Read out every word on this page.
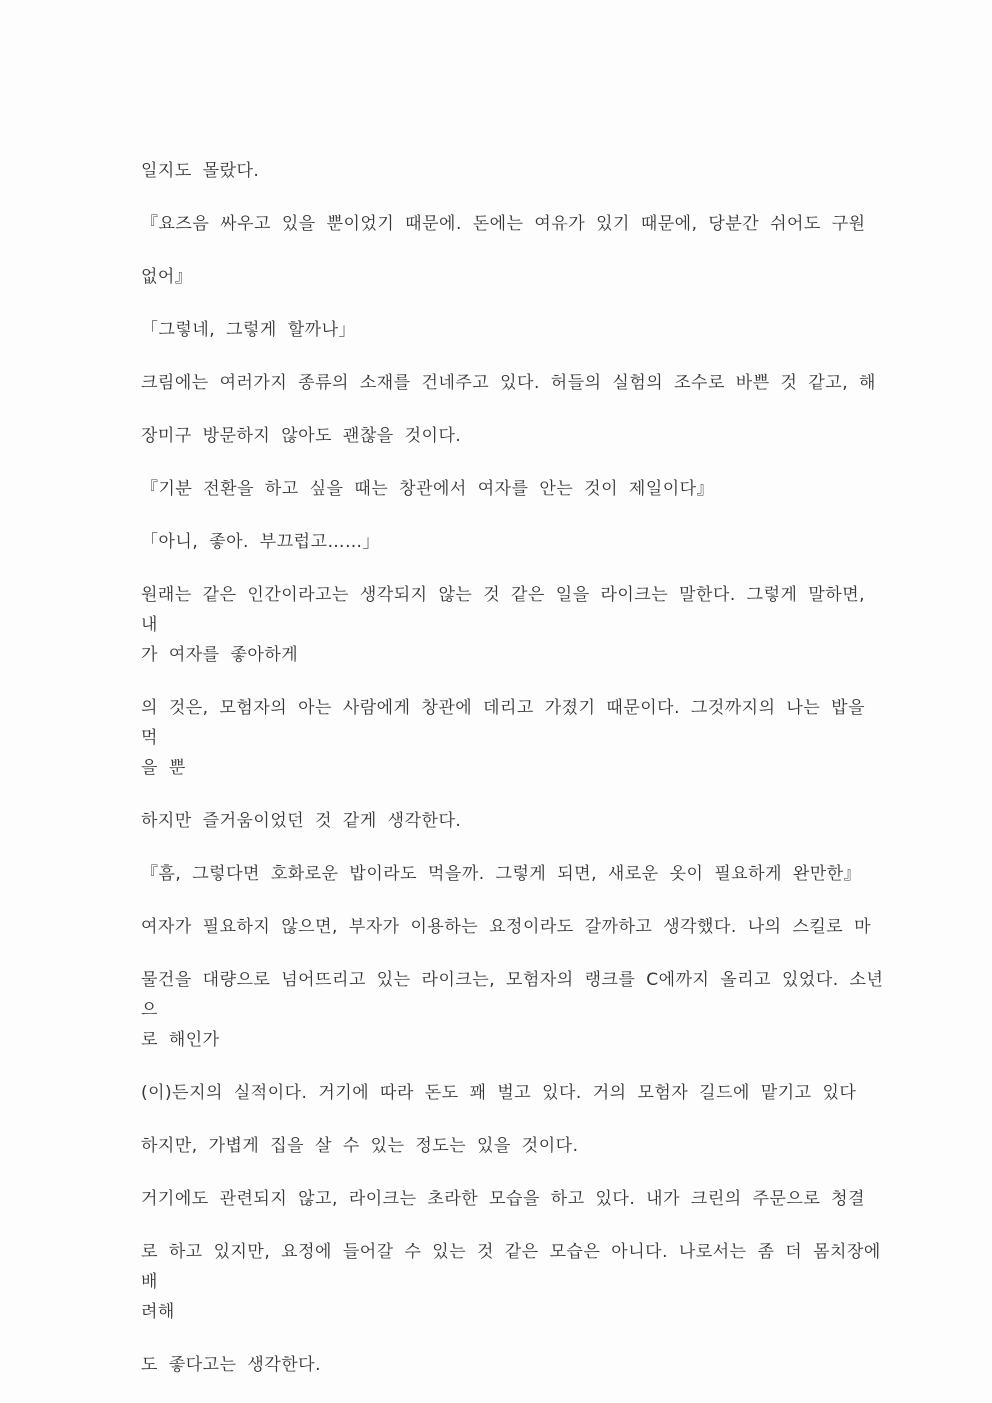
일지도 몰랐다.

『요즈음 싸우고 있을 뿐이었기 때문에. 돈에는 여유가 있기 때문에, 당분간 쉬어도 구원

없어』

「그렇네, 그렇게 할까나」

크림에는 여러가지 종류의 소재를 건네주고 있다. 허들의 실험의 조수로 바쁜 것 같고, 해

장미구 방문하지 않아도 괜찮을 것이다.

『기분 전환을 하고 싶을 때는 창관에서 여자를 안는 것이 제일이다』

「아니, 좋아. 부끄럽고……」

원래는 같은 인간이라고는 생각되지 않는 것 같은 일을 라이크는 말한다. 그렇게 말하면, 내
가 여자를 좋아하게

의 것은, 모험자의 아는 사람에게 창관에 데리고 가졌기 때문이다. 그것까지의 나는 밥을 먹
을 뿐

하지만 즐거움이었던 것 같게 생각한다.

『흠, 그렇다면 호화로운 밥이라도 먹을까. 그렇게 되면, 새로운 옷이 필요하게 완만한』

여자가 필요하지 않으면, 부자가 이용하는 요정이라도 갈까하고 생각했다. 나의 스킬로 마

물건을 대량으로 넘어뜨리고 있는 라이크는, 모험자의 랭크를 C에까지 올리고 있었다. 소년으
로 해인가

(이)든지의 실적이다. 거기에 따라 돈도 꽤 벌고 있다. 거의 모험자 길드에 맡기고 있다

하지만, 가볍게 집을 살 수 있는 정도는 있을 것이다.

거기에도 관련되지 않고, 라이크는 초라한 모습을 하고 있다. 내가 크린의 주문으로 청결

로 하고 있지만, 요정에 들어갈 수 있는 것 같은 모습은 아니다. 나로서는 좀 더 몸치장에 배
려해

도 좋다고는 생각한다.
